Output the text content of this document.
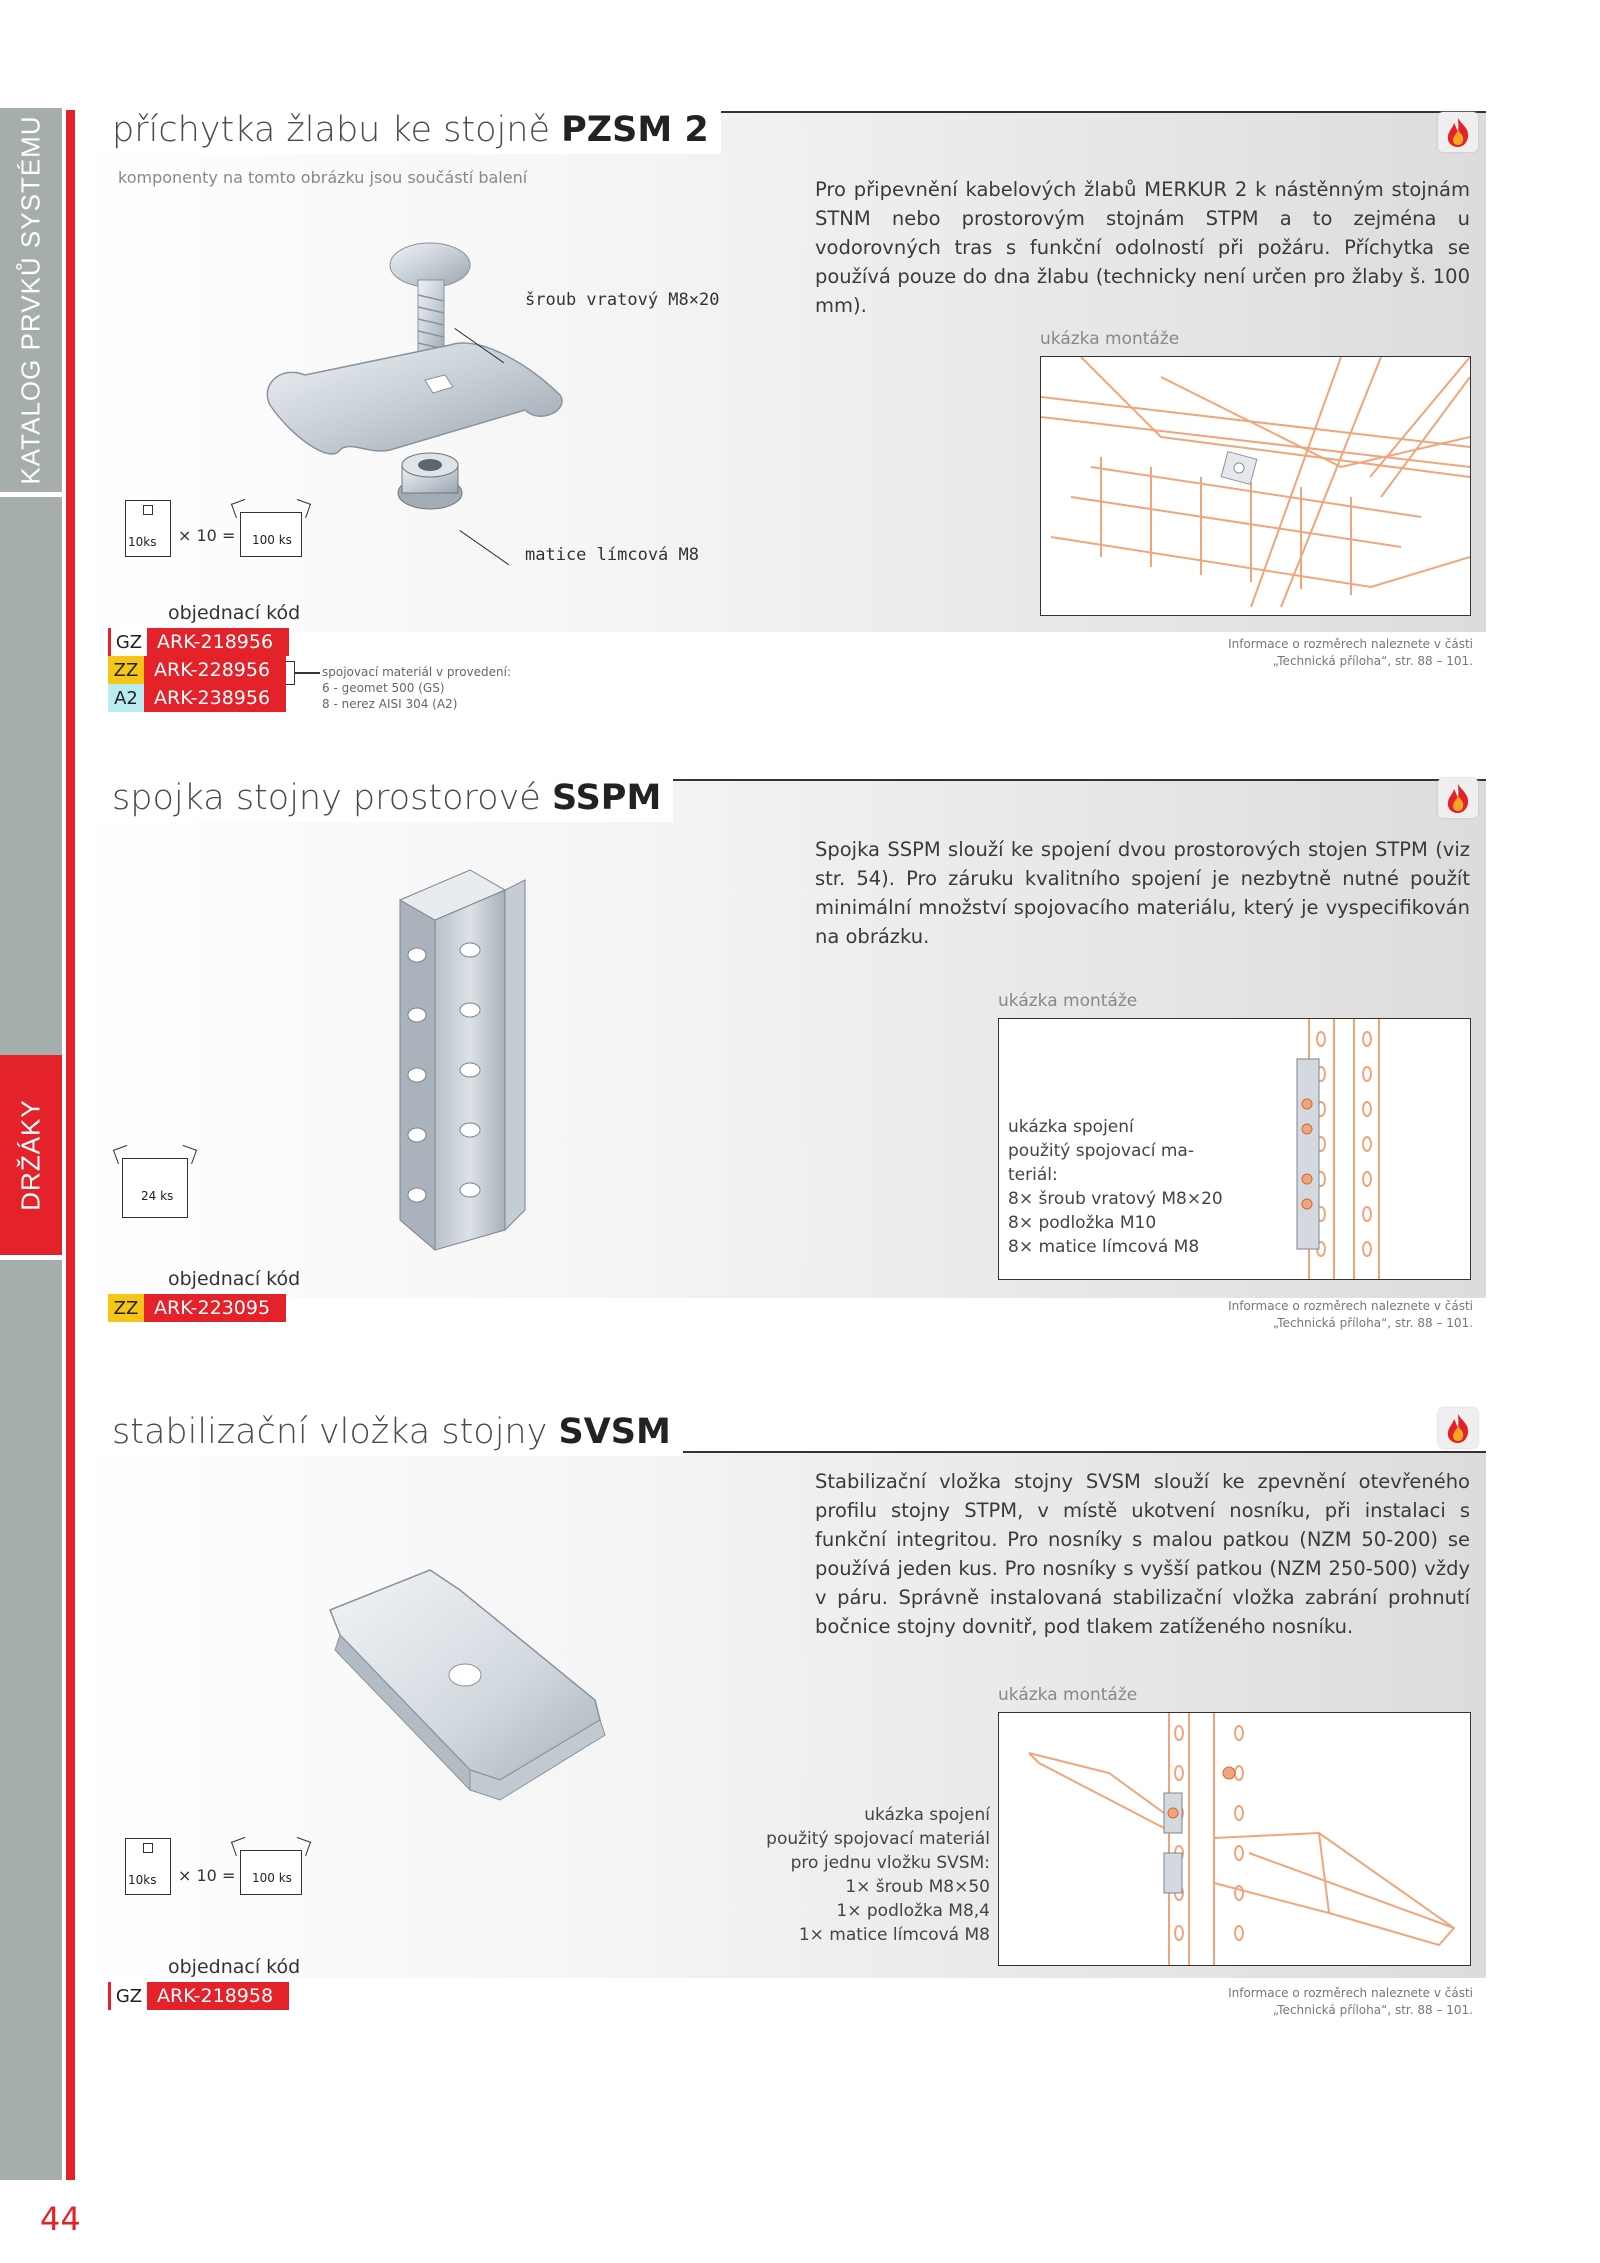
KATALOG PRVKŮ SYSTÉMU
DRŽÁKY
44
příchytka žlabu ke stojně PZSM 2
komponenty na tomto obrázku jsou součástí balení
šroub vratový M8×20
matice límcová M8
Pro připevnění kabelových žlabů MERKUR 2 k nástěnným stojnám STNM nebo prostorovým stojnám STPM a to zejména u vodorovných tras s funkční odolností při požáru. Příchytka se používá pouze do dna žlabu (technicky není určen pro žlaby š. 100 mm).
ukázka montáže
10ks × 10 = 100 ks
objednací kód
GZ ARK-218956
ZZ ARK-228956
A2 ARK-238956
spojovací materiál v provedení:
6 - geomet 500 (GS)
8 - nerez AISI 304 (A2)
Informace o rozměrech naleznete v části
„Technická příloha“, str. 88 – 101.
spojka stojny prostorové SSPM
Spojka SSPM slouží ke spojení dvou prostorových stojen STPM (viz str. 54). Pro záruku kvalitního spojení je nezbytně nutné použít minimální množství spojovacího materiálu, který je vyspecifikován na obrázku.
ukázka montáže
ukázka spojení
použitý spojovací ma-
teriál:
8× šroub vratový M8×20
8× podložka M10
8× matice límcová M8
24 ks
objednací kód
ZZ ARK-223095	Informace o rozměrech naleznete v části
„Technická příloha“, str. 88 – 101.
stabilizační vložka stojny SVSM
Stabilizační vložka stojny SVSM slouží ke zpevnění otevřeného profilu stojny STPM, v místě ukotvení nosníku, při instalaci s funkční integritou. Pro nosníky s malou patkou (NZM 50-200) se používá jeden kus. Pro nosníky s vyšší patkou (NZM 250-500) vždy v páru. Správně instalovaná stabilizační vložka zabrání prohnutí bočnice stojny dovnitř, pod tlakem zatíženého nosníku.
ukázka montáže
ukázka spojení
použitý spojovací materiál
pro jednu vložku SVSM:
1× šroub M8×50
1× podložka M8,4
1× matice límcová M8
10ks × 10 = 100 ks
objednací kód
GZ ARK-218958	Informace o rozměrech naleznete v části
„Technická příloha“, str. 88 – 101.
